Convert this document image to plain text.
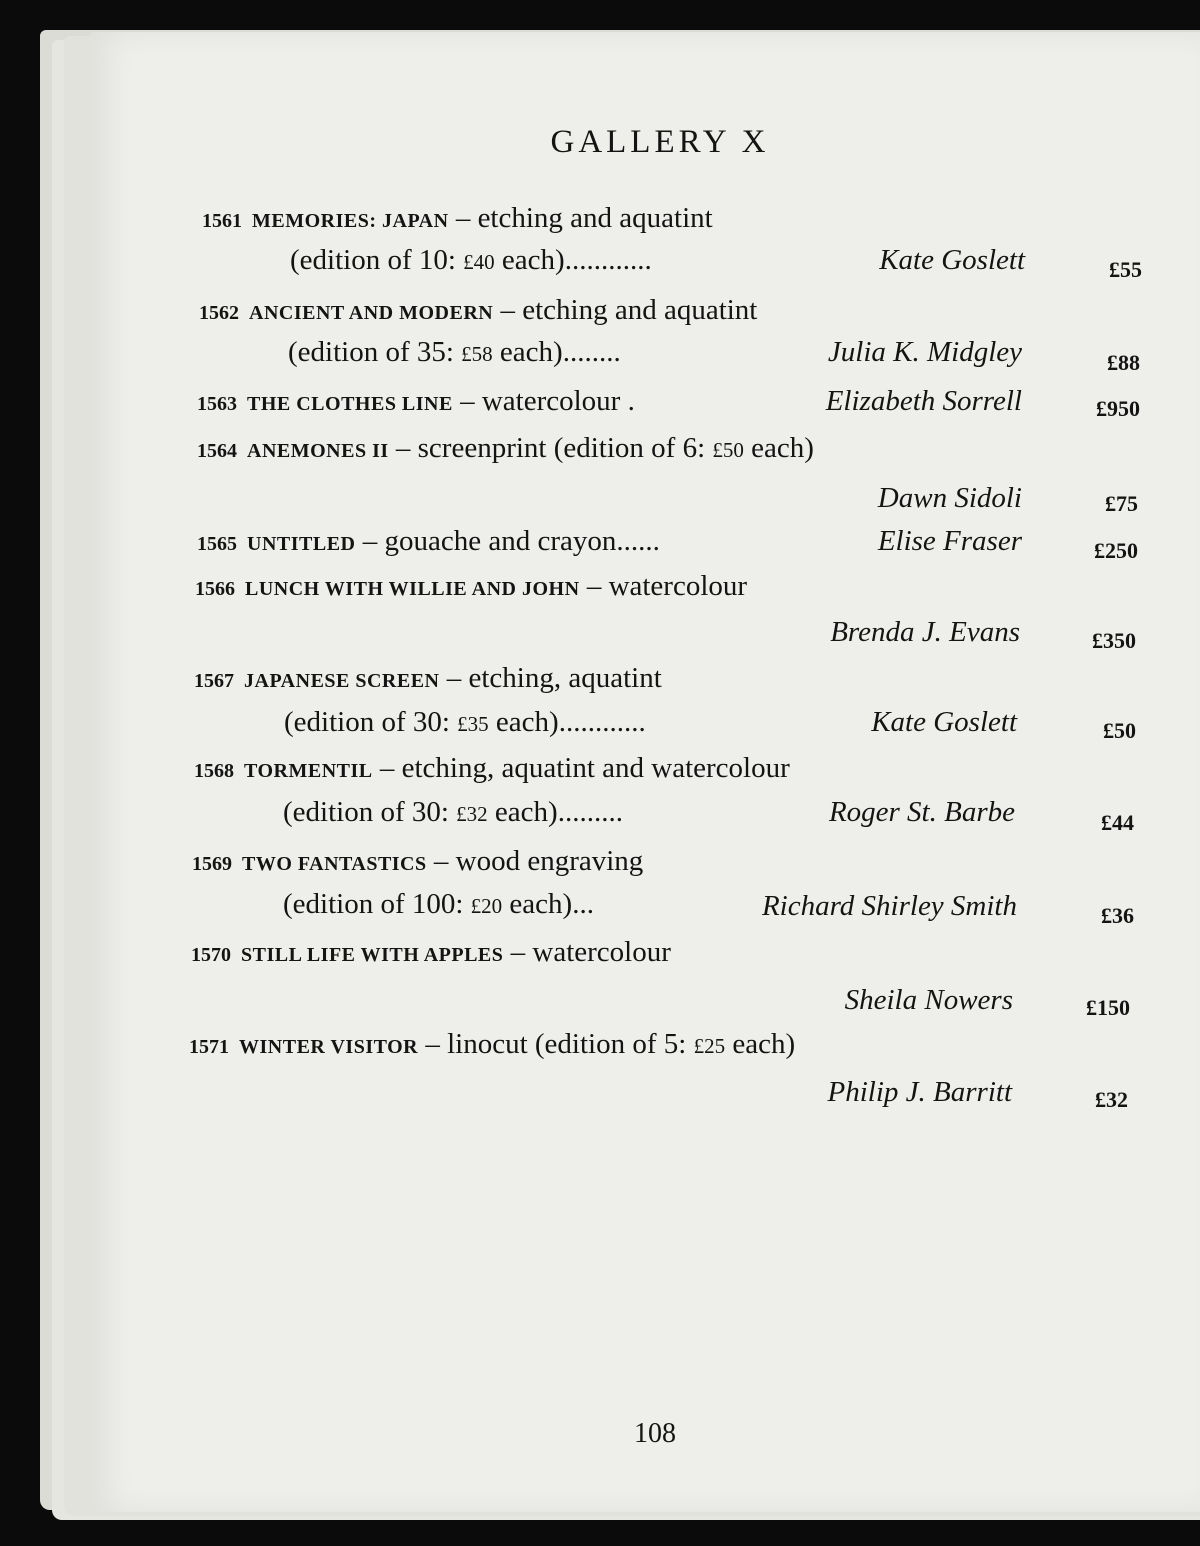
GALLERY X
1561 MEMORIES: JAPAN – etching and aquatint
(edition of 10: £40 each)............	Kate Goslett	£55
1562 ANCIENT AND MODERN – etching and aquatint
(edition of 35: £58 each)........	Julia K. Midgley	£88
1563 THE CLOTHES LINE – watercolour .	Elizabeth Sorrell	£950
1564 ANEMONES II – screenprint (edition of 6: £50 each)
Dawn Sidoli	£75
1565 UNTITLED – gouache and crayon......	Elise Fraser	£250
1566 LUNCH WITH WILLIE AND JOHN – watercolour
Brenda J. Evans	£350
1567 JAPANESE SCREEN – etching, aquatint
(edition of 30: £35 each)............	Kate Goslett	£50
1568 TORMENTIL – etching, aquatint and watercolour
(edition of 30: £32 each).........	Roger St. Barbe	£44
1569 TWO FANTASTICS – wood engraving
(edition of 100: £20 each)...	Richard Shirley Smith	£36
1570 STILL LIFE WITH APPLES – watercolour
Sheila Nowers	£150
1571 WINTER VISITOR – linocut (edition of 5: £25 each)
Philip J. Barritt	£32
108
